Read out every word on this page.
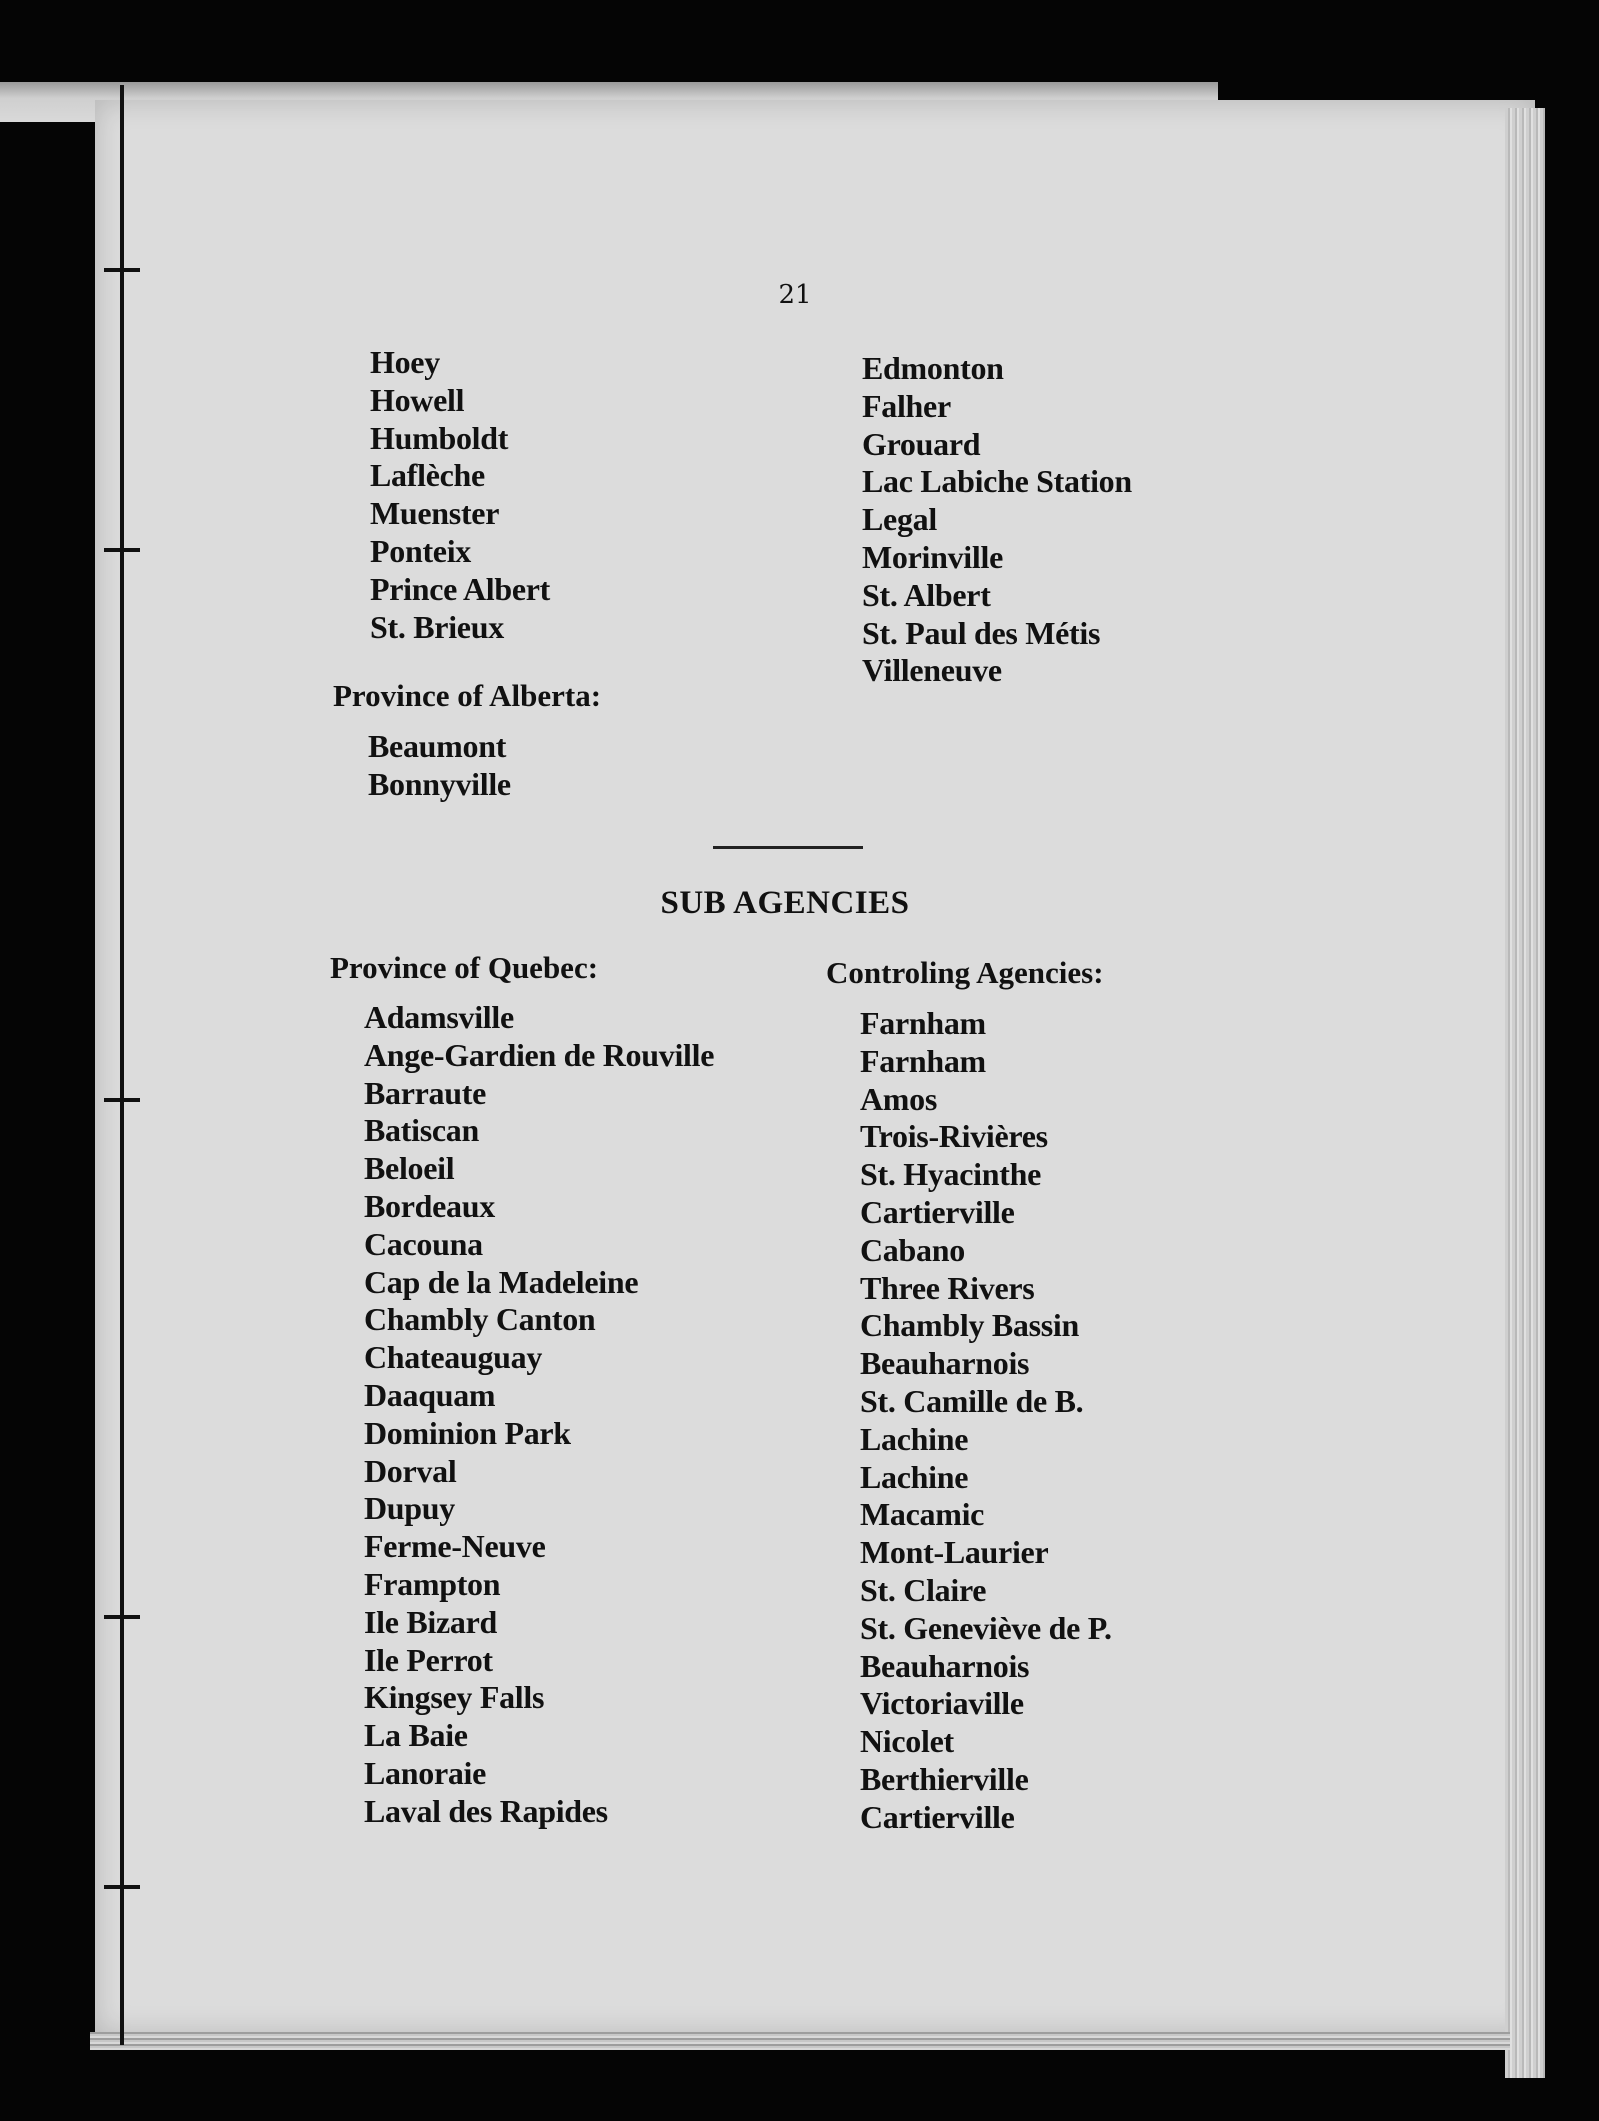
21
Hoey
Howell
Humboldt
Laflèche
Muenster
Ponteix
Prince Albert
St. Brieux
Province of Alberta:
Beaumont
Bonnyville
Edmonton
Falher
Grouard
Lac Labiche Station
Legal
Morinville
St. Albert
St. Paul des Métis
Villeneuve
SUB AGENCIES
Province of Quebec:	Controling Agencies:
Adamsville
Ange-Gardien de Rouville
Barraute
Batiscan
Beloeil
Bordeaux
Cacouna
Cap de la Madeleine
Chambly Canton
Chateauguay
Daaquam
Dominion Park
Dorval
Dupuy
Ferme-Neuve
Frampton
Ile Bizard
Ile Perrot
Kingsey Falls
La Baie
Lanoraie
Laval des Rapides
Farnham
Farnham
Amos
Trois-Rivières
St. Hyacinthe
Cartierville
Cabano
Three Rivers
Chambly Bassin
Beauharnois
St. Camille de B.
Lachine
Lachine
Macamic
Mont-Laurier
St. Claire
St. Geneviève de P.
Beauharnois
Victoriaville
Nicolet
Berthierville
Cartierville
